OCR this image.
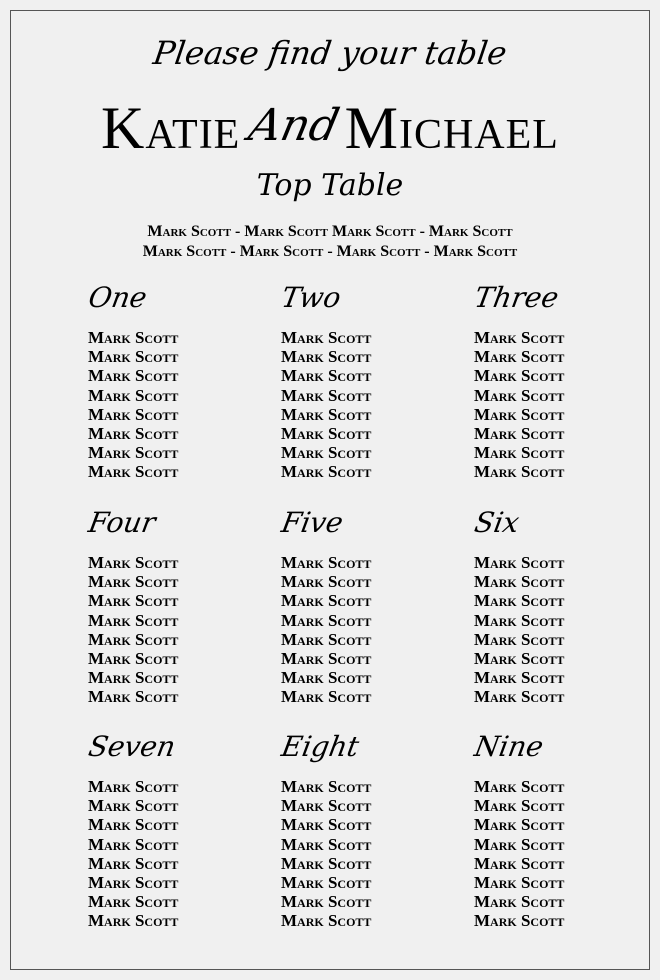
Please find your table
KatieAndMichael
Top Table
Mark Scott - Mark Scott Mark Scott - Mark Scott
Mark Scott - Mark Scott - Mark Scott - Mark Scott
One
Mark Scott
Mark Scott
Mark Scott
Mark Scott
Mark Scott
Mark Scott
Mark Scott
Mark Scott
Two
Mark Scott
Mark Scott
Mark Scott
Mark Scott
Mark Scott
Mark Scott
Mark Scott
Mark Scott
Three
Mark Scott
Mark Scott
Mark Scott
Mark Scott
Mark Scott
Mark Scott
Mark Scott
Mark Scott
Four
Mark Scott
Mark Scott
Mark Scott
Mark Scott
Mark Scott
Mark Scott
Mark Scott
Mark Scott
Five
Mark Scott
Mark Scott
Mark Scott
Mark Scott
Mark Scott
Mark Scott
Mark Scott
Mark Scott
Six
Mark Scott
Mark Scott
Mark Scott
Mark Scott
Mark Scott
Mark Scott
Mark Scott
Mark Scott
Seven
Mark Scott
Mark Scott
Mark Scott
Mark Scott
Mark Scott
Mark Scott
Mark Scott
Mark Scott
Eight
Mark Scott
Mark Scott
Mark Scott
Mark Scott
Mark Scott
Mark Scott
Mark Scott
Mark Scott
Nine
Mark Scott
Mark Scott
Mark Scott
Mark Scott
Mark Scott
Mark Scott
Mark Scott
Mark Scott
